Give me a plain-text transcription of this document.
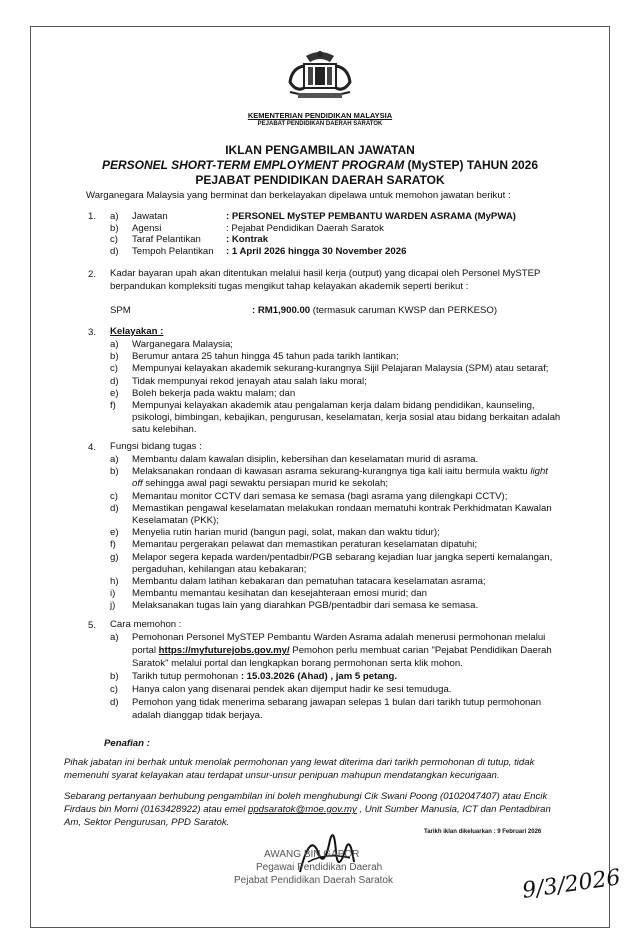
KEMENTERIAN PENDIDIKAN MALAYSIA
PEJABAT PENDIDIKAN DAERAH SARATOK
IKLAN PENGAMBILAN JAWATAN
PERSONEL SHORT-TERM EMPLOYMENT PROGRAM (MySTEP) TAHUN 2026
PEJABAT PENDIDIKAN DAERAH SARATOK
Warganegara Malaysia yang berminat dan berkelayakan dipelawa untuk memohon jawatan berikut :
1. a) Jawatan	: PERSONEL MySTEP PEMBANTU WARDEN ASRAMA (MyPWA)
b) Agensi	: Pejabat Pendidikan Daerah Saratok
c) Taraf Pelantikan	: Kontrak
d) Tempoh Pelantikan : 1 April 2026 hingga 30 November 2026
2. Kadar bayaran upah akan ditentukan melalui hasil kerja (output) yang dicapai oleh Personel MySTEP
berpandukan kompleksiti tugas mengikut tahap kelayakan akademik seperti berikut :
SPM	: RM1,900.00 (termasuk caruman KWSP dan PERKESO)
3. Kelayakan :
a) Warganegara Malaysia;
b) Berumur antara 25 tahun hingga 45 tahun pada tarikh lantikan;
c) Mempunyai kelayakan akademik sekurang-kurangnya Sijil Pelajaran Malaysia (SPM) atau setaraf;
d) Tidak mempunyai rekod jenayah atau salah laku moral;
e) Boleh bekerja pada waktu malam; dan
f) Mempunyai kelayakan akademik atau pengalaman kerja dalam bidang pendidikan, kaunseling,
psikologi, bimbingan, kebajikan, pengurusan, keselamatan, kerja sosial atau bidang berkaitan adalah
satu kelebihan.
4. Fungsi bidang tugas :
a) Membantu dalam kawalan disiplin, kebersihan dan keselamatan murid di asrama.
b) Melaksanakan rondaan di kawasan asrama sekurang-kurangnya tiga kali iaitu bermula waktu light
off sehingga awal pagi sewaktu persiapan murid ke sekolah;
c) Memantau monitor CCTV dari semasa ke semasa (bagi asrama yang dilengkapi CCTV);
d) Memastikan pengawal keselamatan melakukan rondaan mematuhi kontrak Perkhidmatan Kawalan
Keselamatan (PKK);
e) Menyelia rutin harian murid (bangun pagi, solat, makan dan waktu tidur);
f) Memantau pergerakan pelawat dan memastikan peraturan keselamatan dipatuhi;
g) Melapor segera kepada warden/pentadbir/PGB sebarang kejadian luar jangka seperti kemalangan,
pergaduhan, kehilangan atau kebakaran;
h) Membantu dalam latihan kebakaran dan pematuhan tatacara keselamatan asrama;
i) Membantu memantau kesihatan dan kesejahteraan emosi murid; dan
j) Melaksanakan tugas lain yang diarahkan PGB/pentadbir dari semasa ke semasa.
5. Cara memohon :
a) Pemohonan Personel MySTEP Pembantu Warden Asrama adalah menerusi permohonan melalui
portal https://myfuturejobs.gov.my/ Pemohon perlu membuat carian "Pejabat Pendidikan Daerah
Saratok" melalui portal dan lengkapkan borang permohonan serta klik mohon.
b) Tarikh tutup permohonan : 15.03.2026 (Ahad) , jam 5 petang.
c) Hanya calon yang disenarai pendek akan dijemput hadir ke sesi temuduga.
d) Pemohon yang tidak menerima sebarang jawapan selepas 1 bulan dari tarikh tutup permohonan
adalah dianggap tidak berjaya.
Penafian :
Pihak jabatan ini berhak untuk menolak permohonan yang lewat diterima dari tarikh permohonan di tutup, tidak
memenuhi syarat kelayakan atau terdapat unsur-unsur penipuan mahupun mendatangkan kecurigaan.
Sebarang pertanyaan berhubung pengambilan ini boleh menghubungi Cik Swani Poong (0102047407) atau Encik
Firdaus bin Morni (0163428922) atau emel ppdsaratok@moe.gov.my , Unit Sumber Manusia, ICT dan Pentadbiran
Am, Sektor Pengurusan, PPD Saratok.
Tarikh iklan dikeluarkan : 9 Februari 2026
AWANG BIN GAPOR
Pegawai Pendidikan Daerah
Pejabat Pendidikan Daerah Saratok	9/3/2026
